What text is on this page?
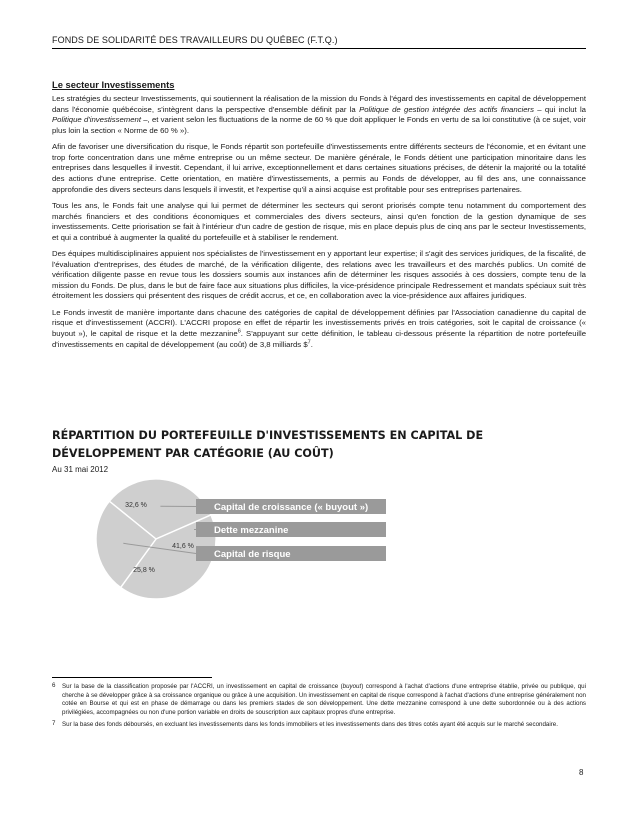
FONDS DE SOLIDARITÉ DES TRAVAILLEURS DU QUÉBEC (F.T.Q.)
Le secteur Investissements

Les stratégies du secteur Investissements, qui soutiennent la réalisation de la mission du Fonds à l'égard des investissements en capital de développement dans l'économie québécoise, s'intègrent dans la perspective d'ensemble définit par la Politique de gestion intégrée des actifs financiers – qui inclut la Politique d'investissement –, et varient selon les fluctuations de la norme de 60 % que doit appliquer le Fonds en vertu de sa loi constitutive (à ce sujet, voir plus loin la section « Norme de 60 % »).

Afin de favoriser une diversification du risque, le Fonds répartit son portefeuille d'investissements entre différents secteurs de l'économie, et en évitant une trop forte concentration dans une même entreprise ou un même secteur. De manière générale, le Fonds détient une participation minoritaire dans les entreprises dans lesquelles il investit. Cependant, il lui arrive, exceptionnellement et dans certaines situations précises, de détenir la majorité ou la totalité des actions d'une entreprise. Cette orientation, en matière d'investissements, a permis au Fonds de développer, au fil des ans, une connaissance approfondie des divers secteurs dans lesquels il investit, et l'expertise qu'il a ainsi acquise est profitable pour ses entreprises partenaires.

Tous les ans, le Fonds fait une analyse qui lui permet de déterminer les secteurs qui seront priorisés compte tenu notamment du comportement des marchés financiers et des conditions économiques et commerciales des divers secteurs, ainsi qu'en fonction de la gestion dynamique de ses investissements. Cette priorisation se fait à l'intérieur d'un cadre de gestion de risque, mis en place depuis plus de cinq ans par le secteur Investissements, et qui a contribué à augmenter la qualité du portefeuille et à stabiliser le rendement.

Des équipes multidisciplinaires appuient nos spécialistes de l'investissement en y apportant leur expertise; il s'agit des services juridiques, de la fiscalité, de l'évaluation d'entreprises, des études de marché, de la vérification diligente, des relations avec les travailleurs et des marchés publics. Un comité de vérification diligente passe en revue tous les dossiers soumis aux instances afin de déterminer les risques associés à ces dossiers, compte tenu de la mission du Fonds. De plus, dans le but de faire face aux situations plus difficiles, la vice-présidence principale Redressement et mandats spéciaux suit très étroitement les dossiers qui présentent des risques de crédit accrus, et ce, en collaboration avec la vice-présidence aux affaires juridiques.

Le Fonds investit de manière importante dans chacune des catégories de capital de développement définies par l'Association canadienne du capital de risque et d'investissement (ACCRI). L'ACCRI propose en effet de répartir les investissements privés en trois catégories, soit le capital de croissance (« buyout »), le capital de risque et la dette mezzanine$^6$. S'appuyant sur cette définition, le tableau ci-dessous présente la répartition de notre portefeuille d'investissements en capital de développement (au coût) de 3,8 milliards \$$^7$.

RÉPARTITION DU PORTEFEUILLE D'INVESTISSEMENTS EN CAPITAL DE DÉVELOPPEMENT PAR CATÉGORIE (AU COÛT)
Au 31 mai 2012
32,6 %
41,6 %
25,8 %
Capital de croissance (« buyout »)
Dette mezzanine
Capital de risque
6 Sur la base de la classification proposée par l'ACCRI, un investissement en capital de croissance (buyout) correspond à l'achat d'actions d'une entreprise établie, privée ou publique, qui cherche à se développer grâce à sa croissance organique ou grâce à une acquisition. Un investissement en capital de risque correspond à l'achat d'actions d'une entreprise généralement non cotée en Bourse et qui est en phase de démarrage ou dans les premiers stades de son développement. Une dette mezzanine correspond à une dette subordonnée ou à des actions privilégiées, accompagnées ou non d'une portion variable en droits de souscription aux capitaux propres d'une entreprise.
7 Sur la base des fonds déboursés, en excluant les investissements dans les fonds immobiliers et les investissements dans des titres cotés ayant été acquis sur le marché secondaire.
8
